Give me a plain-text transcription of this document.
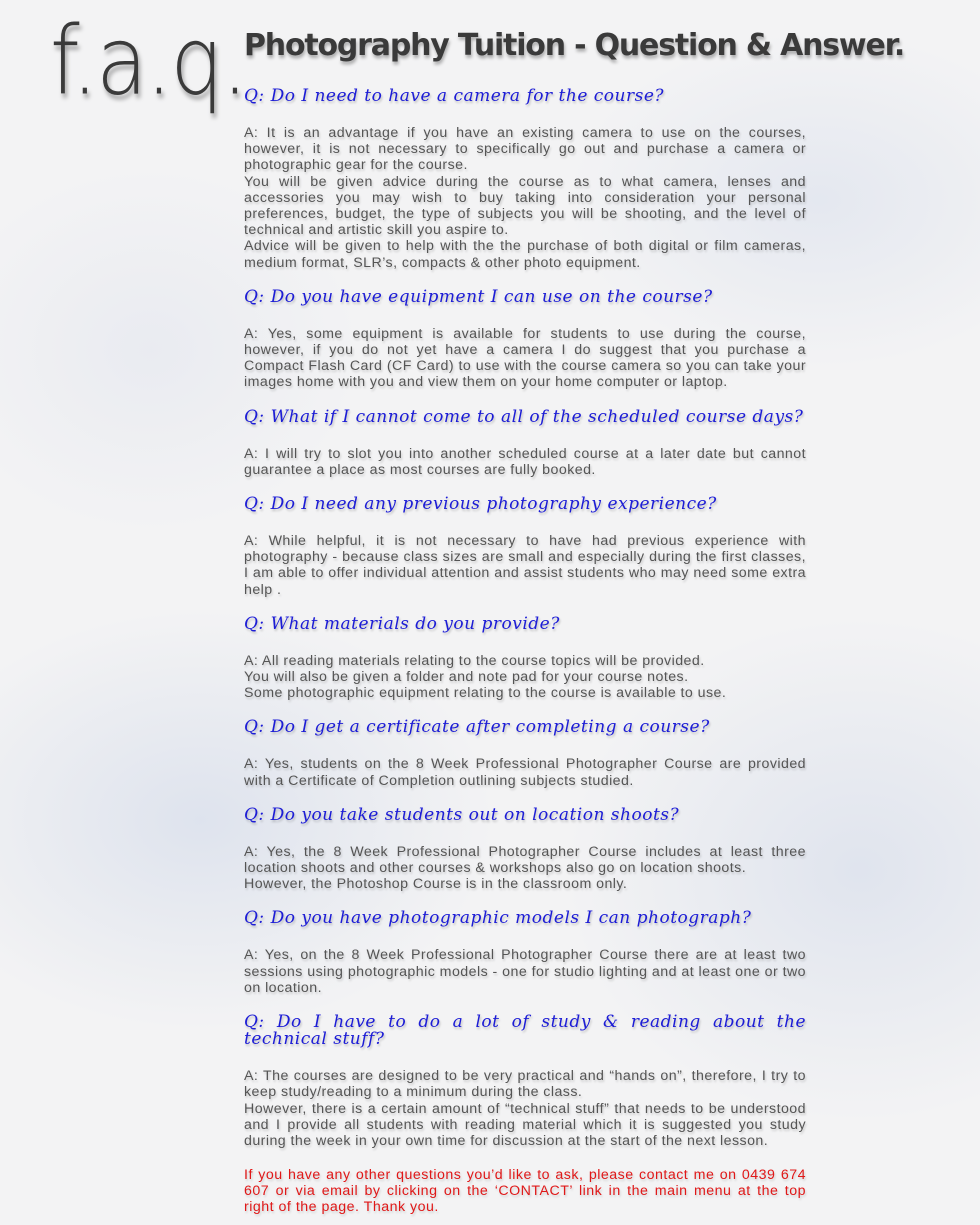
f.a.q.
Photography Tuition - Question & Answer.
Q: Do I need to have a camera for the course?

A: It is an advantage if you have an existing camera to use on the courses, however, it is not necessary to specifically go out and purchase a camera or photographic gear for the course.

You will be given advice during the course as to what camera, lenses and accessories you may wish to buy taking into consideration your personal preferences, budget, the type of subjects you will be shooting, and the level of technical and artistic skill you aspire to.

Advice will be given to help with the the purchase of both digital or film cameras, medium format, SLR’s, compacts & other photo equipment.

Q: Do you have equipment I can use on the course?

A: Yes, some equipment is available for students to use during the course, however, if you do not yet have a camera I do suggest that you purchase a Compact Flash Card (CF Card) to use with the course camera so you can take your images home with you and view them on your home computer or laptop.

Q: What if I cannot come to all of the scheduled course days?

A: I will try to slot you into another scheduled course at a later date but cannot guarantee a place as most courses are fully booked.

Q: Do I need any previous photography experience?

A: While helpful, it is not necessary to have had previous experience with photography - because class sizes are small and especially during the first classes, I am able to offer individual attention and assist students who may need some extra help .

Q: What materials do you provide?

A: All reading materials relating to the course topics will be provided.

You will also be given a folder and note pad for your course notes.

Some photographic equipment relating to the course is available to use.

Q: Do I get a certificate after completing a course?

A: Yes, students on the 8 Week Professional Photographer Course are provided with a Certificate of Completion outlining subjects studied.

Q: Do you take students out on location shoots?

A: Yes, the 8 Week Professional Photographer Course includes at least three location shoots and other courses & workshops also go on location shoots.

However, the Photoshop Course is in the classroom only.

Q: Do you have photographic models I can photograph?

A: Yes, on the 8 Week Professional Photographer Course there are at least two sessions using photographic models - one for studio lighting and at least one or two on location.

Q: Do I have to do a lot of study & reading about the technical stuff?

A: The courses are designed to be very practical and “hands on”, therefore, I try to keep study/reading to a minimum during the class.

However, there is a certain amount of “technical stuff” that needs to be understood and I provide all students with reading material which it is suggested you study during the week in your own time for discussion at the start of the next lesson.

If you have any other questions you’d like to ask, please contact me on 0439 674 607 or via email by clicking on the ‘CONTACT’ link in the main menu at the top right of the page. Thank you.
